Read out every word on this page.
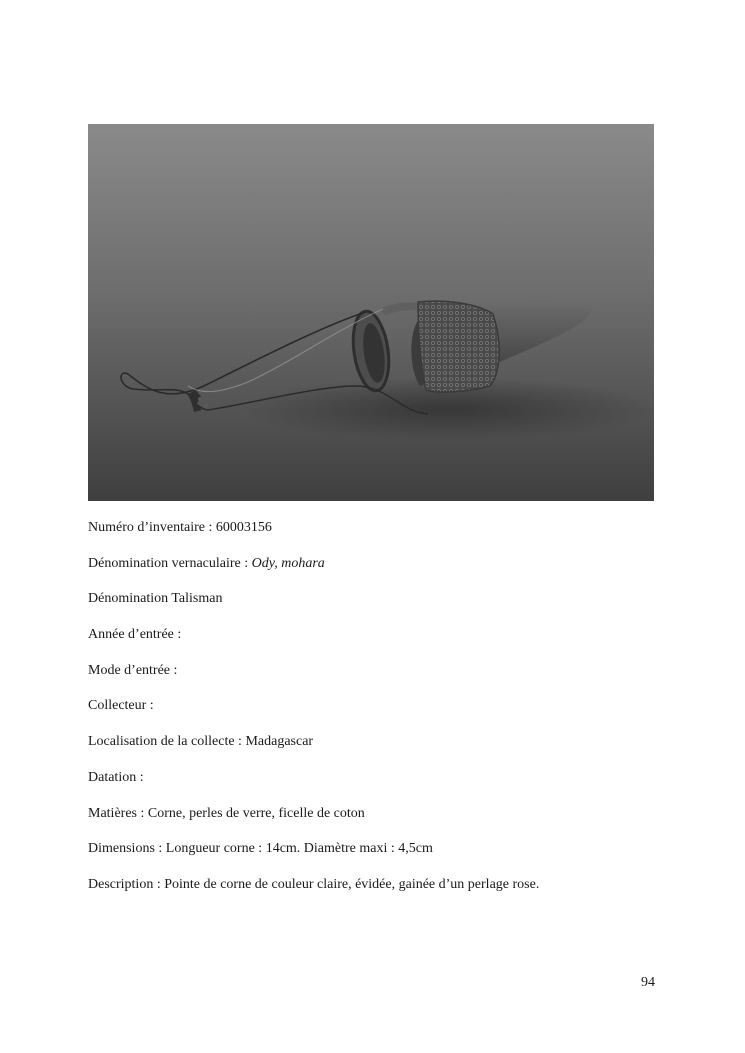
Numéro d’inventaire : 60003156

Dénomination vernaculaire : Ody, mohara

Dénomination Talisman

Année d’entrée :

Mode d’entrée :

Collecteur :

Localisation de la collecte : Madagascar

Datation :

Matières : Corne, perles de verre, ficelle de coton

Dimensions : Longueur corne : 14cm. Diamètre maxi : 4,5cm

Description : Pointe de corne de couleur claire, évidée, gainée d’un perlage rose.

94
